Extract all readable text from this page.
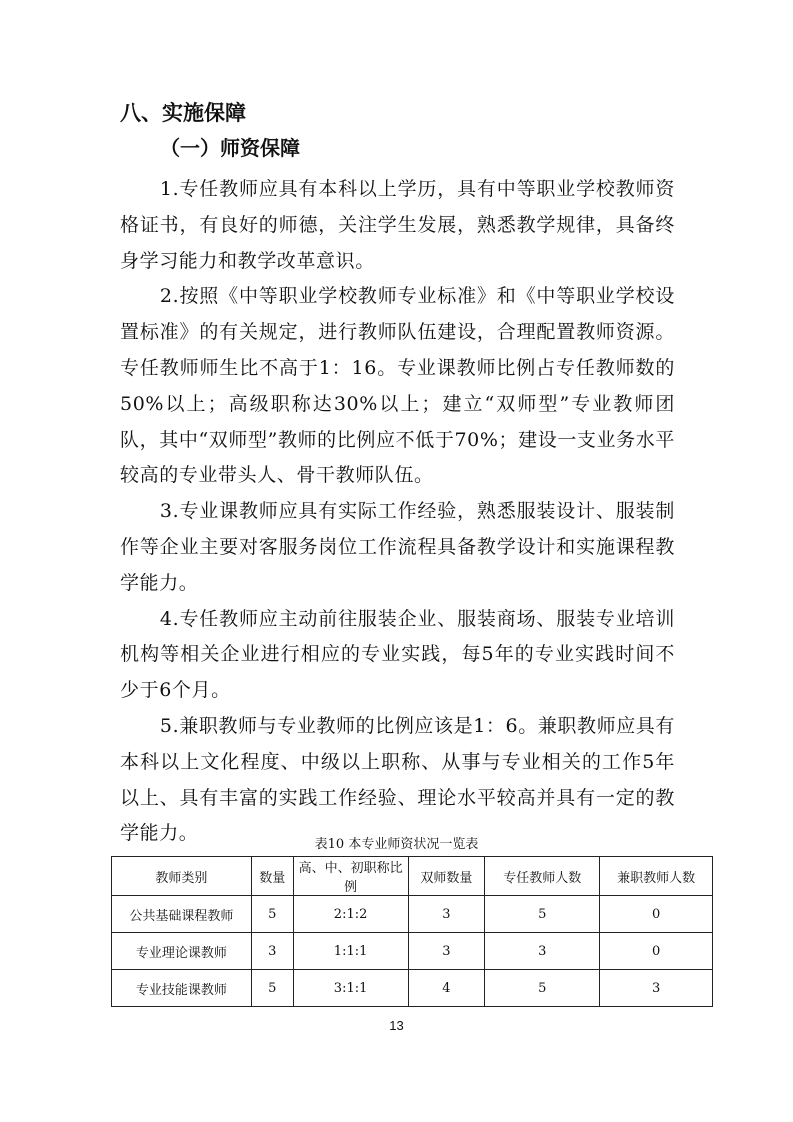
八、实施保障
（一）师资保障

1.专任教师应具有本科以上学历，具有中等职业学校教师资格证书，有良好的师德，关注学生发展，熟悉教学规律，具备终身学习能力和教学改革意识。

2.按照《中等职业学校教师专业标准》和《中等职业学校设置标准》的有关规定，进行教师队伍建设，合理配置教师资源。专任教师师生比不高于1：16。专业课教师比例占专任教师数的50%以上；高级职称达30%以上；建立“双师型”专业教师团队，其中“双师型”教师的比例应不低于70%；建设一支业务水平较高的专业带头人、骨干教师队伍。

3.专业课教师应具有实际工作经验，熟悉服装设计、服装制作等企业主要对客服务岗位工作流程具备教学设计和实施课程教学能力。

4.专任教师应主动前往服装企业、服装商场、服装专业培训机构等相关企业进行相应的专业实践，每5年的专业实践时间不少于6个月。

5.兼职教师与专业教师的比例应该是1：6。兼职教师应具有本科以上文化程度、中级以上职称、从事与专业相关的工作5年以上、具有丰富的实践工作经验、理论水平较高并具有一定的教学能力。

表10 本专业师资状况一览表
教师类别	数量	高、中、初职称比例	双师数量	专任教师人数	兼职教师人数
公共基础课程教师	5	2:1:2	3	5	0
专业理论课教师	3	1:1:1	3	3	0
专业技能课教师	5	3:1:1	4	5	3
13
